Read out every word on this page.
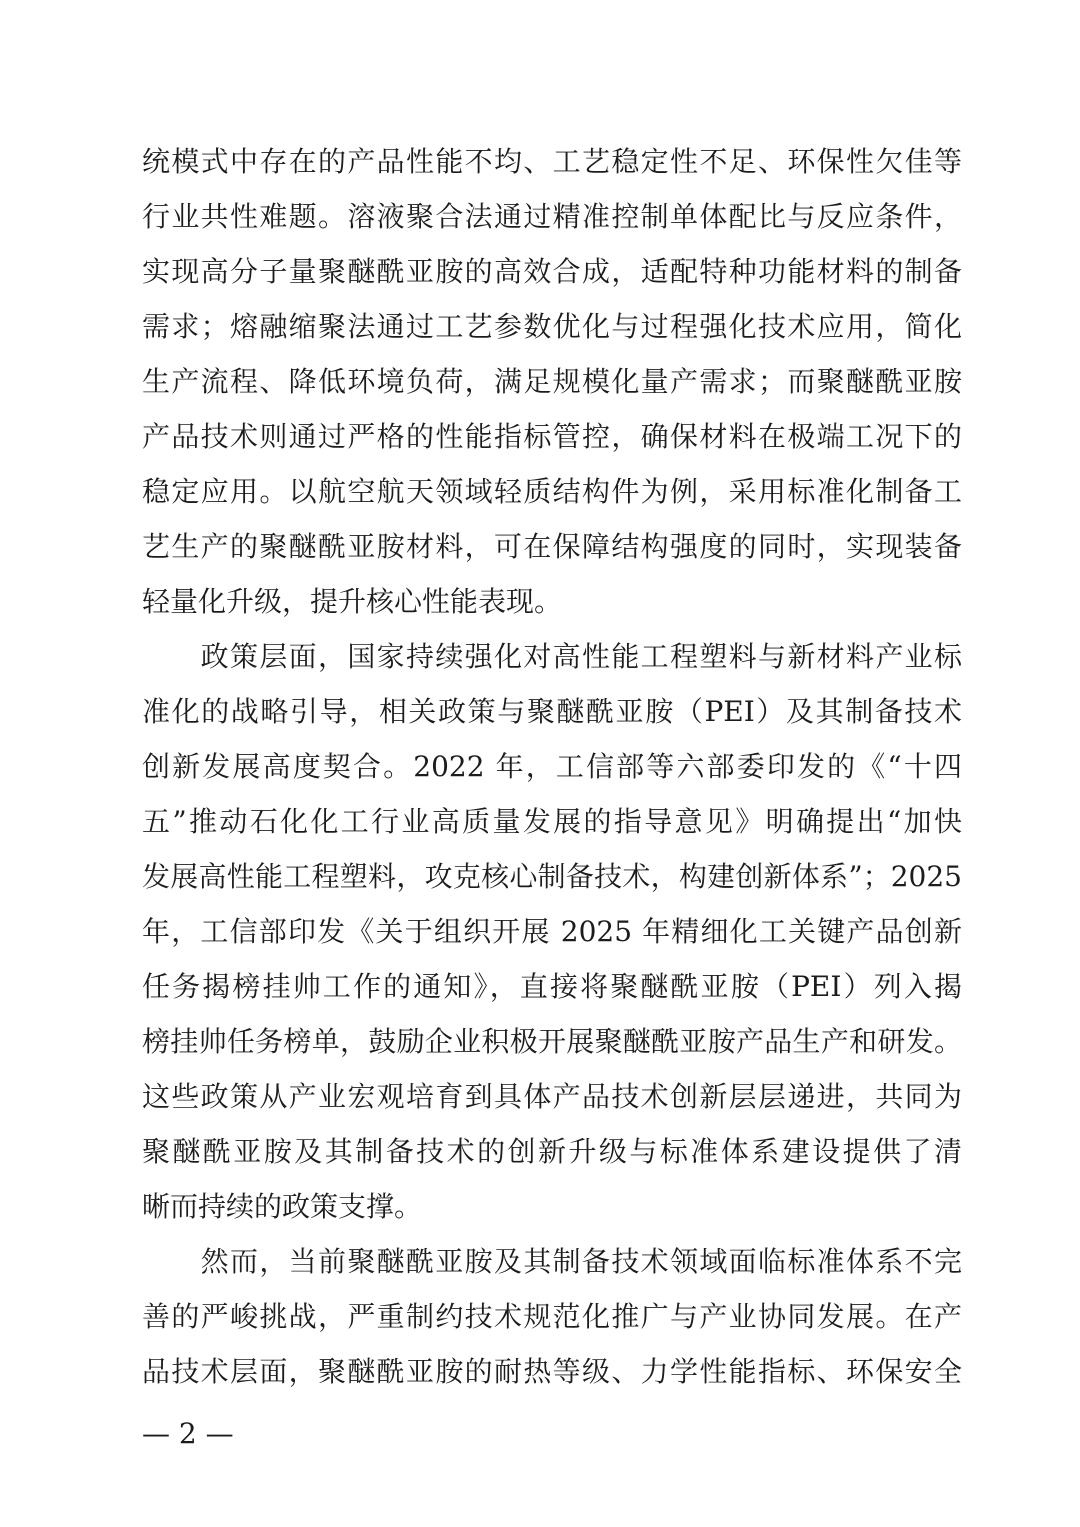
统模式中存在的产品性能不均、工艺稳定性不足、环保性欠佳等
行业共性难题。溶液聚合法通过精准控制单体配比与反应条件，
实现高分子量聚醚酰亚胺的高效合成，适配特种功能材料的制备
需求；熔融缩聚法通过工艺参数优化与过程强化技术应用，简化
生产流程、降低环境负荷，满足规模化量产需求；而聚醚酰亚胺
产品技术则通过严格的性能指标管控，确保材料在极端工况下的
稳定应用。以航空航天领域轻质结构件为例，采用标准化制备工
艺生产的聚醚酰亚胺材料，可在保障结构强度的同时，实现装备
轻量化升级，提升核心性能表现。
　　政策层面，国家持续强化对高性能工程塑料与新材料产业标
准化的战略引导，相关政策与聚醚酰亚胺（PEI）及其制备技术
创新发展高度契合。2022 年，工信部等六部委印发的《“十四
五”推动石化化工行业高质量发展的指导意见》明确提出“加快
发展高性能工程塑料，攻克核心制备技术，构建创新体系”；2025
年，工信部印发《关于组织开展 2025 年精细化工关键产品创新
任务揭榜挂帅工作的通知》，直接将聚醚酰亚胺（PEI）列入揭
榜挂帅任务榜单，鼓励企业积极开展聚醚酰亚胺产品生产和研发。
这些政策从产业宏观培育到具体产品技术创新层层递进，共同为
聚醚酰亚胺及其制备技术的创新升级与标准体系建设提供了清
晰而持续的政策支撑。
　　然而，当前聚醚酰亚胺及其制备技术领域面临标准体系不完
善的严峻挑战，严重制约技术规范化推广与产业协同发展。在产
品技术层面，聚醚酰亚胺的耐热等级、力学性能指标、环保安全
— 2 —
